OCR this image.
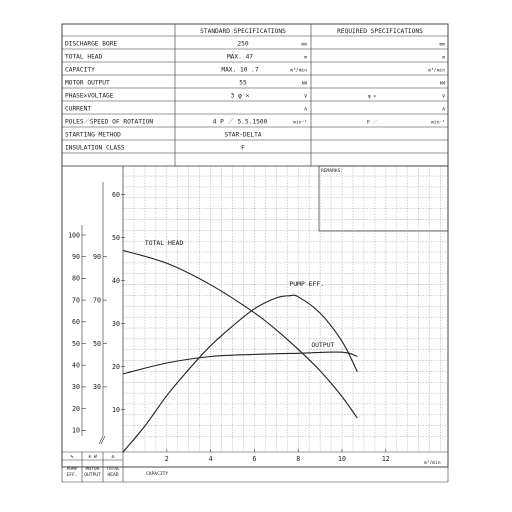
STANDARD SPECIFICATIONS	REQUIRED SPECIFICATIONS
DISCHARGE BORE	250	mm	mm
TOTAL HEAD	MAX. 47	m	m
CAPACITY	MAX. 10 .7	m³/min	m³/min
MOTOR OUTPUT	55	kW	kW
PHASE×VOLTAGE	3 φ ×	V	φ ×	V
CURRENT	A	A
POLES／SPEED OF ROTATION	4 P ／ 5.5.1500	min⁻¹	P ／	min⁻¹
STARTING METHOD	STAR-DELTA
INSULATION CLASS	F
REMARKS:
10
20
30
40
50
60
70
80
90
100
30
50
70
90
10
20
30
40
50
60
2	4	6	8	10	12
TOTAL HEAD
PUMP EFF.
OUTPUT
%	k W	m
PUMP EFF.
MOTOR OUTPUT
TOTAL HEAD	CAPACITY
m³/min
